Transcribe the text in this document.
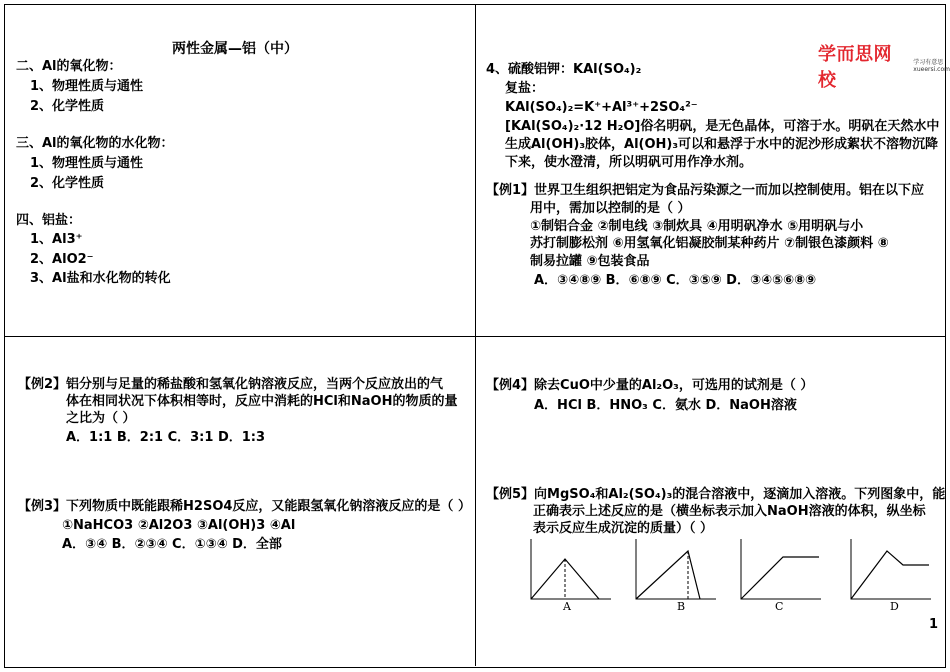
两性金属—铝（中）
二、Al的氧化物：
1、物理性质与通性
2、化学性质
三、Al的氧化物的水化物：
1、物理性质与通性
2、化学性质
四、铝盐：
1、Al3⁺
2、AlO2⁻
3、Al盐和水化物的转化
学而思网校
学习有意思
xueersi.com
4、硫酸铝钾：KAl(SO₄)₂
复盐：
KAl(SO₄)₂=K⁺+Al³⁺+2SO₄²⁻
[KAl(SO₄)₂·12 H₂O]俗名明矾，是无色晶体，可溶于水。明矾在天然水中
生成Al(OH)₃胶体，Al(OH)₃可以和悬浮于水中的泥沙形成絮状不溶物沉降
下来，使水澄清，所以明矾可用作净水剂。
【例1】世界卫生组织把铝定为食品污染源之一而加以控制使用。铝在以下应
用中，需加以控制的是（ ）
①制铝合金 ②制电线 ③制炊具 ④用明矾净水 ⑤用明矾与小
苏打制膨松剂 ⑥用氢氧化铝凝胶制某种药片 ⑦制银色漆颜料 ⑧
制易拉罐 ⑨包装食品
A．③④⑧⑨ B．⑥⑧⑨ C．③⑤⑨ D．③④⑤⑥⑧⑨
【例2】铝分别与足量的稀盐酸和氢氧化钠溶液反应，当两个反应放出的气
体在相同状况下体积相等时，反应中消耗的HCl和NaOH的物质的量
之比为（ ）
A．1:1 B．2:1 C．3:1 D．1:3
【例3】下列物质中既能跟稀H2SO4反应，又能跟氢氧化钠溶液反应的是（ ）
①NaHCO3 ②Al2O3 ③Al(OH)3 ④Al
A．③④ B．②③④ C．①③④ D．全部
【例4】除去CuO中少量的Al₂O₃，可选用的试剂是（ ）
A．HCl B．HNO₃ C．氨水 D．NaOH溶液
【例5】向MgSO₄和Al₂(SO₄)₃的混合溶液中，逐滴加入溶液。下列图象中，能
正确表示上述反应的是（横坐标表示加入NaOH溶液的体积，纵坐标
表示反应生成沉淀的质量）（ ）
A	B	C	D
1
